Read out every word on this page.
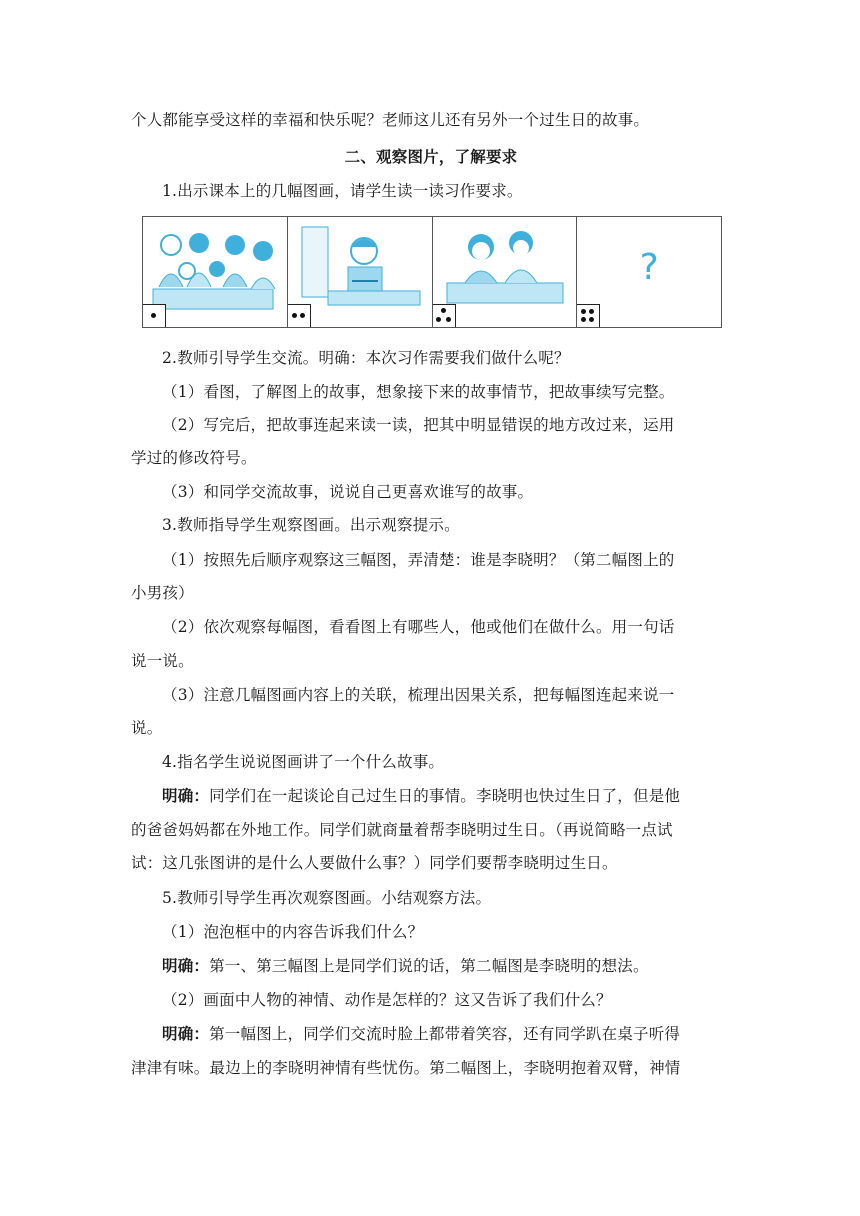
个人都能享受这样的幸福和快乐呢？老师这儿还有另外一个过生日的故事。
二、观察图片，了解要求
1.出示课本上的几幅图画，请学生读一读习作要求。
?
2.教师引导学生交流。明确：本次习作需要我们做什么呢？
（1）看图，了解图上的故事，想象接下来的故事情节，把故事续写完整。
（2）写完后，把故事连起来读一读，把其中明显错误的地方改过来，运用
学过的修改符号。
（3）和同学交流故事，说说自己更喜欢谁写的故事。
3.教师指导学生观察图画。出示观察提示。
（1）按照先后顺序观察这三幅图，弄清楚：谁是李晓明？（第二幅图上的
小男孩）
（2）依次观察每幅图，看看图上有哪些人，他或他们在做什么。用一句话
说一说。
（3）注意几幅图画内容上的关联，梳理出因果关系，把每幅图连起来说一
说。
4.指名学生说说图画讲了一个什么故事。
明确：同学们在一起谈论自己过生日的事情。李晓明也快过生日了，但是他
的爸爸妈妈都在外地工作。同学们就商量着帮李晓明过生日。（再说简略一点试
试：这几张图讲的是什么人要做什么事？）同学们要帮李晓明过生日。
5.教师引导学生再次观察图画。小结观察方法。
（1）泡泡框中的内容告诉我们什么？
明确：第一、第三幅图上是同学们说的话，第二幅图是李晓明的想法。
（2）画面中人物的神情、动作是怎样的？这又告诉了我们什么？
明确：第一幅图上，同学们交流时脸上都带着笑容，还有同学趴在桌子听得
津津有味。最边上的李晓明神情有些忧伤。第二幅图上，李晓明抱着双臂，神情
